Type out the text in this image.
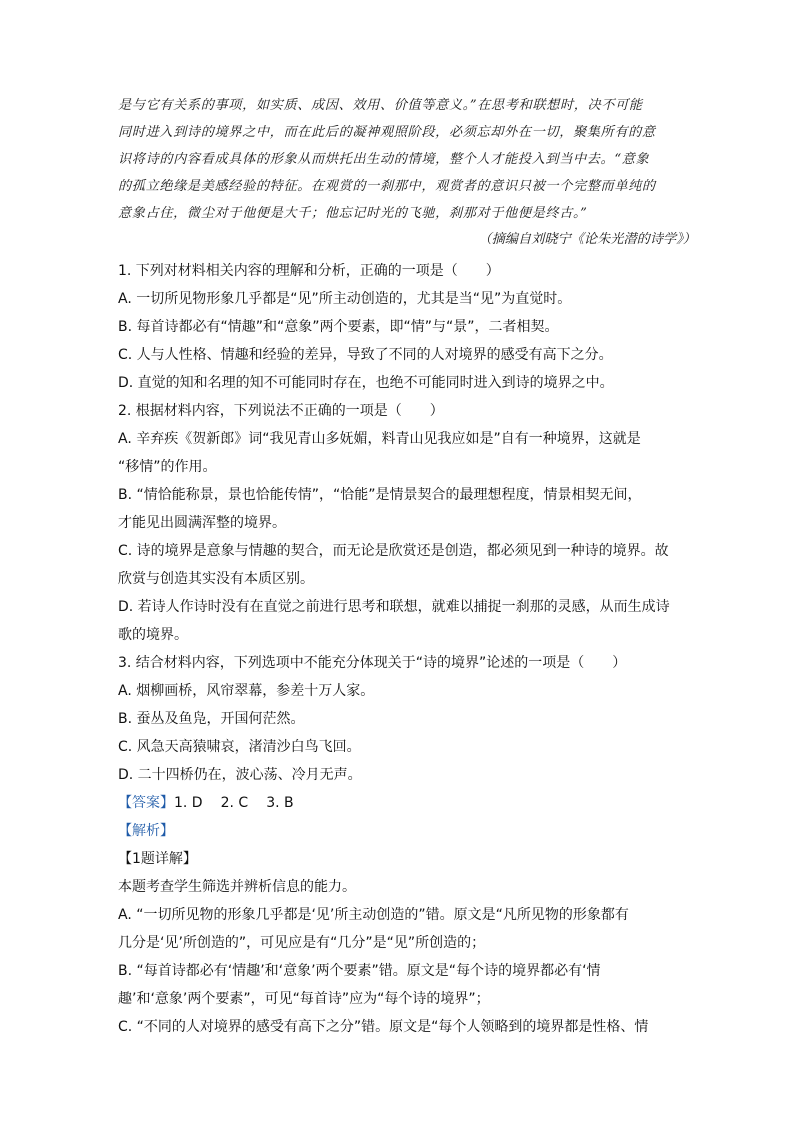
是与它有关系的事项，如实质、成因、效用、价值等意义。”在思考和联想时，决不可能
同时进入到诗的境界之中，而在此后的凝神观照阶段，必须忘却外在一切，聚集所有的意
识将诗的内容看成具体的形象从而烘托出生动的情境，整个人才能投入到当中去。“意象
的孤立绝缘是美感经验的特征。在观赏的一刹那中，观赏者的意识只被一个完整而单纯的
意象占住，微尘对于他便是大千；他忘记时光的飞驰，刹那对于他便是终古。”
（摘编自刘晓宁《论朱光潜的诗学》）
1. 下列对材料相关内容的理解和分析，正确的一项是（　　）
A. 一切所见物形象几乎都是“见”所主动创造的，尤其是当“见”为直觉时。
B. 每首诗都必有“情趣”和“意象”两个要素，即“情”与“景”，二者相契。
C. 人与人性格、情趣和经验的差异，导致了不同的人对境界的感受有高下之分。
D. 直觉的知和名理的知不可能同时存在，也绝不可能同时进入到诗的境界之中。
2. 根据材料内容，下列说法不正确的一项是（　　）
A. 辛弃疾《贺新郎》词“我见青山多妩媚，料青山见我应如是”自有一种境界，这就是
“移情”的作用。
B. “情恰能称景，景也恰能传情”，“恰能”是情景契合的最理想程度，情景相契无间，
才能见出圆满浑整的境界。
C. 诗的境界是意象与情趣的契合，而无论是欣赏还是创造，都必须见到一种诗的境界。故
欣赏与创造其实没有本质区别。
D. 若诗人作诗时没有在直觉之前进行思考和联想，就难以捕捉一刹那的灵感，从而生成诗
歌的境界。
3. 结合材料内容，下列选项中不能充分体现关于“诗的境界”论述的一项是（　　）
A. 烟柳画桥，风帘翠幕，参差十万人家。
B. 蚕丛及鱼凫，开国何茫然。
C. 风急天高猿啸哀，渚清沙白鸟飞回。
D. 二十四桥仍在，波心荡、冷月无声。
【答案】1. D 2. C 3. B
【解析】
【1题详解】
本题考查学生筛选并辨析信息的能力。
A. “一切所见物的形象几乎都是‘见’所主动创造的”错。原文是“凡所见物的形象都有
几分是‘见’所创造的”，可见应是有“几分”是“见”所创造的；
B. “每首诗都必有‘情趣’和‘意象’两个要素”错。原文是“每个诗的境界都必有‘情
趣’和‘意象’两个要素”，可见“每首诗”应为“每个诗的境界”；
C. “不同的人对境界的感受有高下之分”错。原文是“每个人领略到的境界都是性格、情
